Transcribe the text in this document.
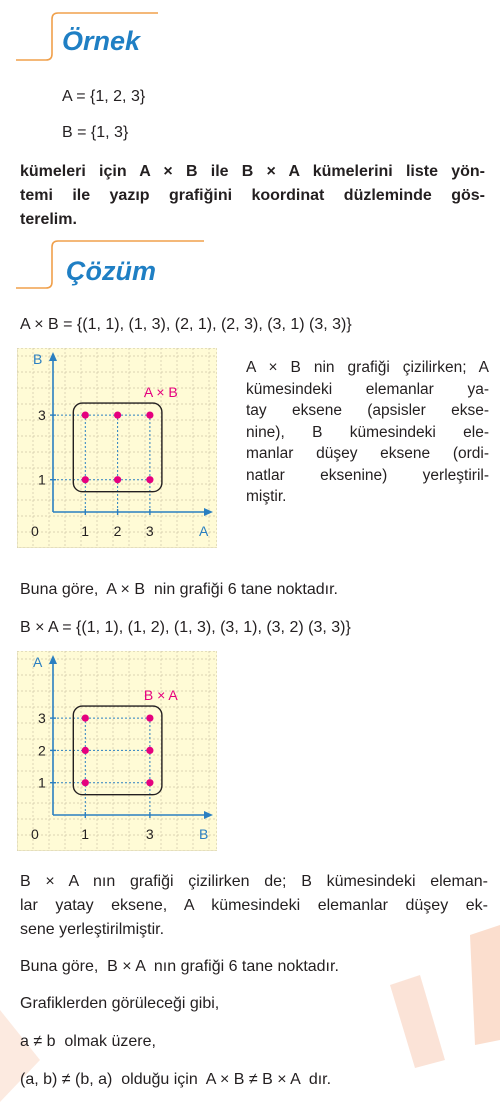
Örnek
A = {1, 2, 3}
B = {1, 3}
kümeleri için A × B ile B × A kümelerini liste yön-
temi ile yazıp grafiğini koordinat düzleminde gös-
terelim.
Çözüm
A × B = {(1, 1), (1, 3), (2, 1), (2, 3), (3, 1) (3, 3)}
0	A
B
1 2 3
1
3
A × B
A × B nin grafiği çizilirken; A
kümesindeki elemanlar ya-
tay eksene (apsisler ekse-
nine), B kümesindeki ele-
manlar düşey eksene (ordi-
natlar eksenine) yerleştiril-
miştir.
Buna göre,  A × B  nin grafiği 6 tane noktadır.
B × A = {(1, 1), (1, 2), (1, 3), (3, 1), (3, 2) (3, 3)}
0	B
A
1	3
1
2
3
B × A
B × A nın grafiği çizilirken de; B kümesindeki eleman-
lar yatay eksene, A kümesindeki elemanlar düşey ek-
sene yerleştirilmiştir.
Buna göre,  B × A  nın grafiği 6 tane noktadır.
Grafiklerden görüleceği gibi,
a ≠ b  olmak üzere,
(a, b) ≠ (b, a)  olduğu için  A × B ≠ B × A  dır.
